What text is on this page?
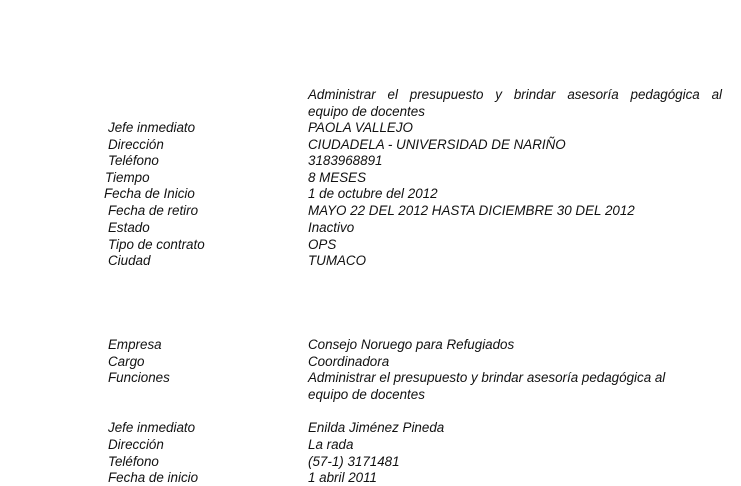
Administrar el presupuesto y brindar asesoría pedagógica al
equipo de docentes
Jefe inmediato	PAOLA VALLEJO
Dirección	CIUDADELA - UNIVERSIDAD DE NARIÑO
Teléfono	3183968891
Tiempo	8 MESES
Fecha de Inicio	1 de octubre del 2012
Fecha de retiro	MAYO 22 DEL 2012 HASTA DICIEMBRE 30 DEL 2012
Estado	Inactivo
Tipo de contrato	OPS
Ciudad	TUMACO
Empresa	Consejo Noruego para Refugiados
Cargo	Coordinadora
Funciones	Administrar el presupuesto y brindar asesoría pedagógica al
equipo de docentes
Jefe inmediato	Enilda Jiménez Pineda
Dirección	La rada
Teléfono	(57-1) 3171481
Fecha de inicio	1 abril 2011
